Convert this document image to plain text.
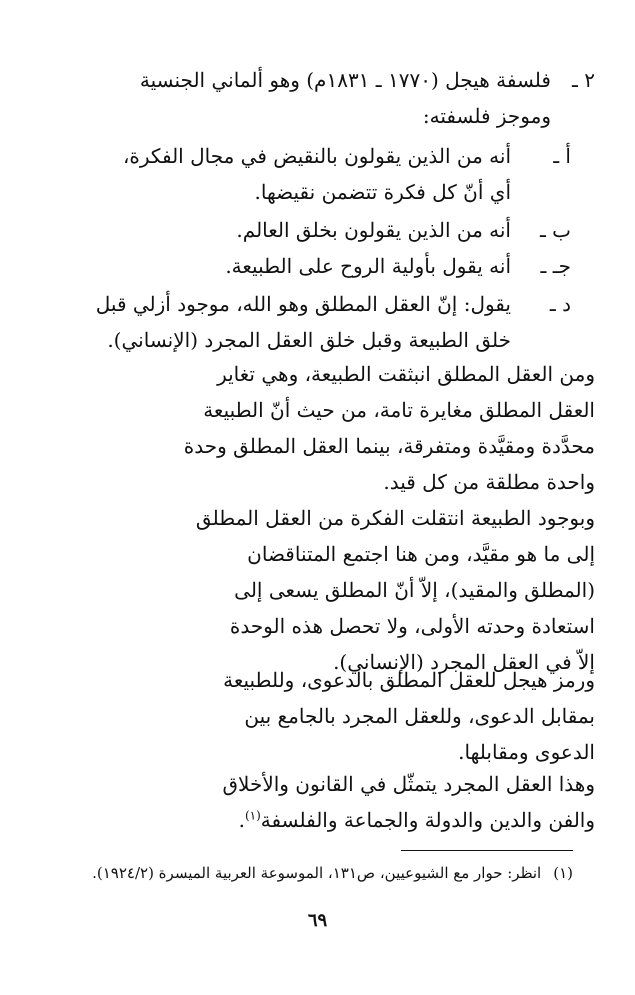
٢ ـ
فلسفة هيجل (١٧٧٠ ـ ١٨٣١م) وهو ألماني الجنسية
وموجز فلسفته:
أ ـ
أنه من الذين يقولون بالنقيض في مجال الفكرة،
أي أنّ كل فكرة تتضمن نقيضها.
ب ـ
أنه من الذين يقولون بخلق العالم.
جـ ـ
أنه يقول بأولية الروح على الطبيعة.
د ـ
يقول: إنّ العقل المطلق وهو الله، موجود أزلي قبل
خلق الطبيعة وقبل خلق العقل المجرد (الإنساني).
ومن العقل المطلق انبثقت الطبيعة، وهي تغاير
العقل المطلق مغايرة تامة، من حيث أنّ الطبيعة
محدَّدة ومقيَّدة ومتفرقة، بينما العقل المطلق وحدة
واحدة مطلقة من كل قيد.
وبوجود الطبيعة انتقلت الفكرة من العقل المطلق
إلى ما هو مقيَّد، ومن هنا اجتمع المتناقضان
(المطلق والمقيد)، إلاّ أنّ المطلق يسعى إلى
استعادة وحدته الأولى، ولا تحصل هذه الوحدة
إلاّ في العقل المجرد (الإنساني).
ورمز هيجل للعقل المطلق بالدعوى، وللطبيعة
بمقابل الدعوى، وللعقل المجرد بالجامع بين
الدعوى ومقابلها.
وهذا العقل المجرد يتمثّل في القانون والأخلاق
والفن والدين والدولة والجماعة والفلسفة$^{(١)}$.
(١)
انظر: حوار مع الشيوعيين، ص١٣١، الموسوعة العربية الميسرة (١٩٢٤/٢).
٦٩
